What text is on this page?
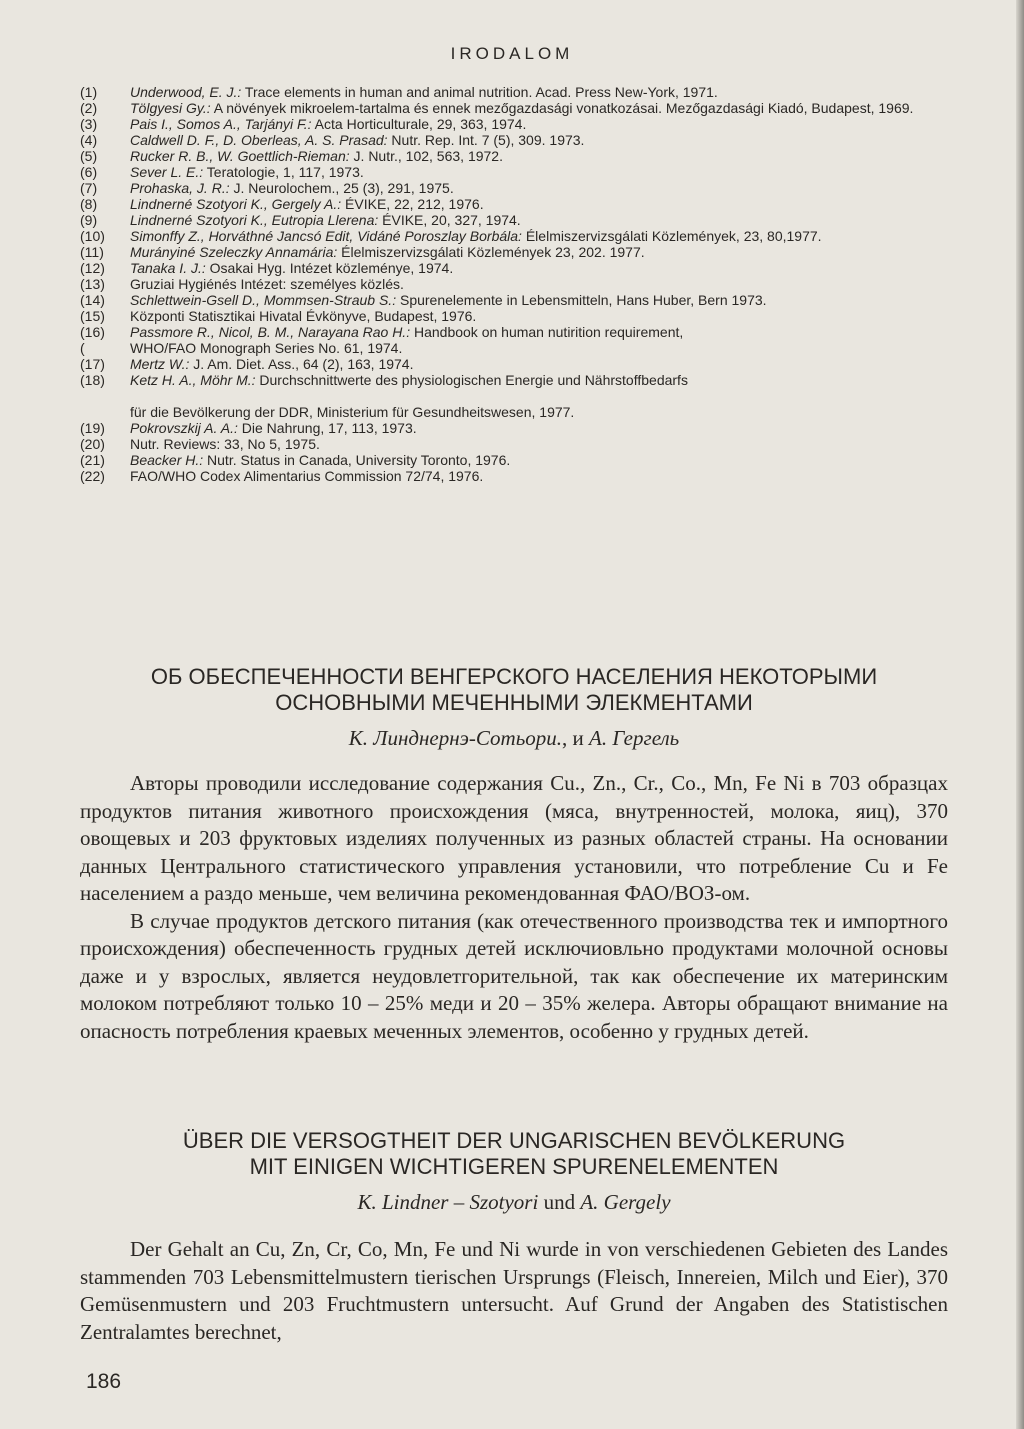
IRODALOM
(1)	Underwood, E. J.: Trace elements in human and animal nutrition. Acad. Press New-York, 1971.
(2)	Tölgyesi Gy.: A növények mikroelem-tartalma és ennek mezőgazdasági vonatkozásai. Mezőgazdasági Kiadó, Budapest, 1969.
(3)	Pais I., Somos A., Tarjányi F.: Acta Horticulturale, 29, 363, 1974.
(4)	Caldwell D. F., D. Oberleas, A. S. Prasad: Nutr. Rep. Int. 7 (5), 309. 1973.
(5)	Rucker R. B., W. Goettlich-Rieman: J. Nutr., 102, 563, 1972.
(6)	Sever L. E.: Teratologie, 1, 117, 1973.
(7)	Prohaska, J. R.: J. Neurolochem., 25 (3), 291, 1975.
(8)	Lindnerné Szotyori K., Gergely A.: ÉVIKE, 22, 212, 1976.
(9)	Lindnerné Szotyori K., Eutropia Llerena: ÉVIKE, 20, 327, 1974.
(10)	Simonffy Z., Horváthné Jancsó Edit, Vidáné Poroszlay Borbála: Élelmiszervizsgálati Közlemények, 23, 80,1977.
(11)	Murányiné Szeleczky Annamária: Élelmiszervizsgálati Közlemények 23, 202. 1977.
(12)	Tanaka I. J.: Osakai Hyg. Intézet közleménye, 1974.
(13)	Gruziai Hygiénés Intézet: személyes közlés.
(14)	Schlettwein-Gsell D., Mommsen-Straub S.: Spurenelemente in Lebensmitteln, Hans Huber, Bern 1973.
(15)	Központi Statisztikai Hivatal Évkönyve, Budapest, 1976.
(16)	Passmore R., Nicol, B. M., Narayana Rao H.: Handbook on human nutirition requirement,
(	WHO/FAO Monograph Series No. 61, 1974.
(17)	Mertz W.: J. Am. Diet. Ass., 64 (2), 163, 1974.
(18)	Ketz H. A., Möhr M.: Durchschnittwerte des physiologischen Energie und Nährstoffbedarfs
für die Bevölkerung der DDR, Ministerium für Gesundheitswesen, 1977.
(19)	Pokrovszkij A. A.: Die Nahrung, 17, 113, 1973.
(20)	Nutr. Reviews: 33, No 5, 1975.
(21)	Beacker H.: Nutr. Status in Canada, University Toronto, 1976.
(22)	FAO/WHO Codex Alimentarius Commission 72/74, 1976.
ОБ ОБЕСПЕЧЕННОСТИ ВЕНГЕРСКОГО НАСЕЛЕНИЯ НЕКОТОРЫМИ
ОСНОВНЫМИ МЕЧЕННЫМИ ЭЛЕКМЕНТАМИ
К. Линднернэ-Сотьори., и А. Гергель

Авторы проводили исследование содержания Cu., Zn., Cr., Co., Mn, Fe Ni в 703 образцах продуктов питания животного происхождения (мяса, внутренностей, молока, яиц), 370 овощевых и 203 фруктовых изделиях полученных из разных областей страны. На основании данных Центрального статистического управления установили, что потребление Cu и Fe населением а раздо меньше, чем величина рекомендованная ФАО/ВОЗ-ом.

В случае продуктов детского питания (как отечественного производства тек и импортного происхождения) обеспеченность грудных детей исключиовльно продуктами молочной основы даже и у взрослых, является неудовлетгорительной, так как обеспечение их материнским молоком потребляют только 10 – 25% меди и 20 – 35% желера. Авторы обращают внимание на опасность потребления краевых меченных элементов, особенно у грудных детей.

ÜBER DIE VERSOGTHEIT DER UNGARISCHEN BEVÖLKERUNG
MIT EINIGEN WICHTIGEREN SPURENELEMENTEN
K. Lindner – Szotyori und A. Gergely

Der Gehalt an Cu, Zn, Cr, Co, Mn, Fe und Ni wurde in von verschiedenen Gebieten des Landes stammenden 703 Lebensmittelmustern tierischen Ursprungs (Fleisch, Innereien, Milch und Eier), 370 Gemüsenmustern und 203 Fruchtmustern untersucht. Auf Grund der Angaben des Statistischen Zentralamtes berechnet,

186
